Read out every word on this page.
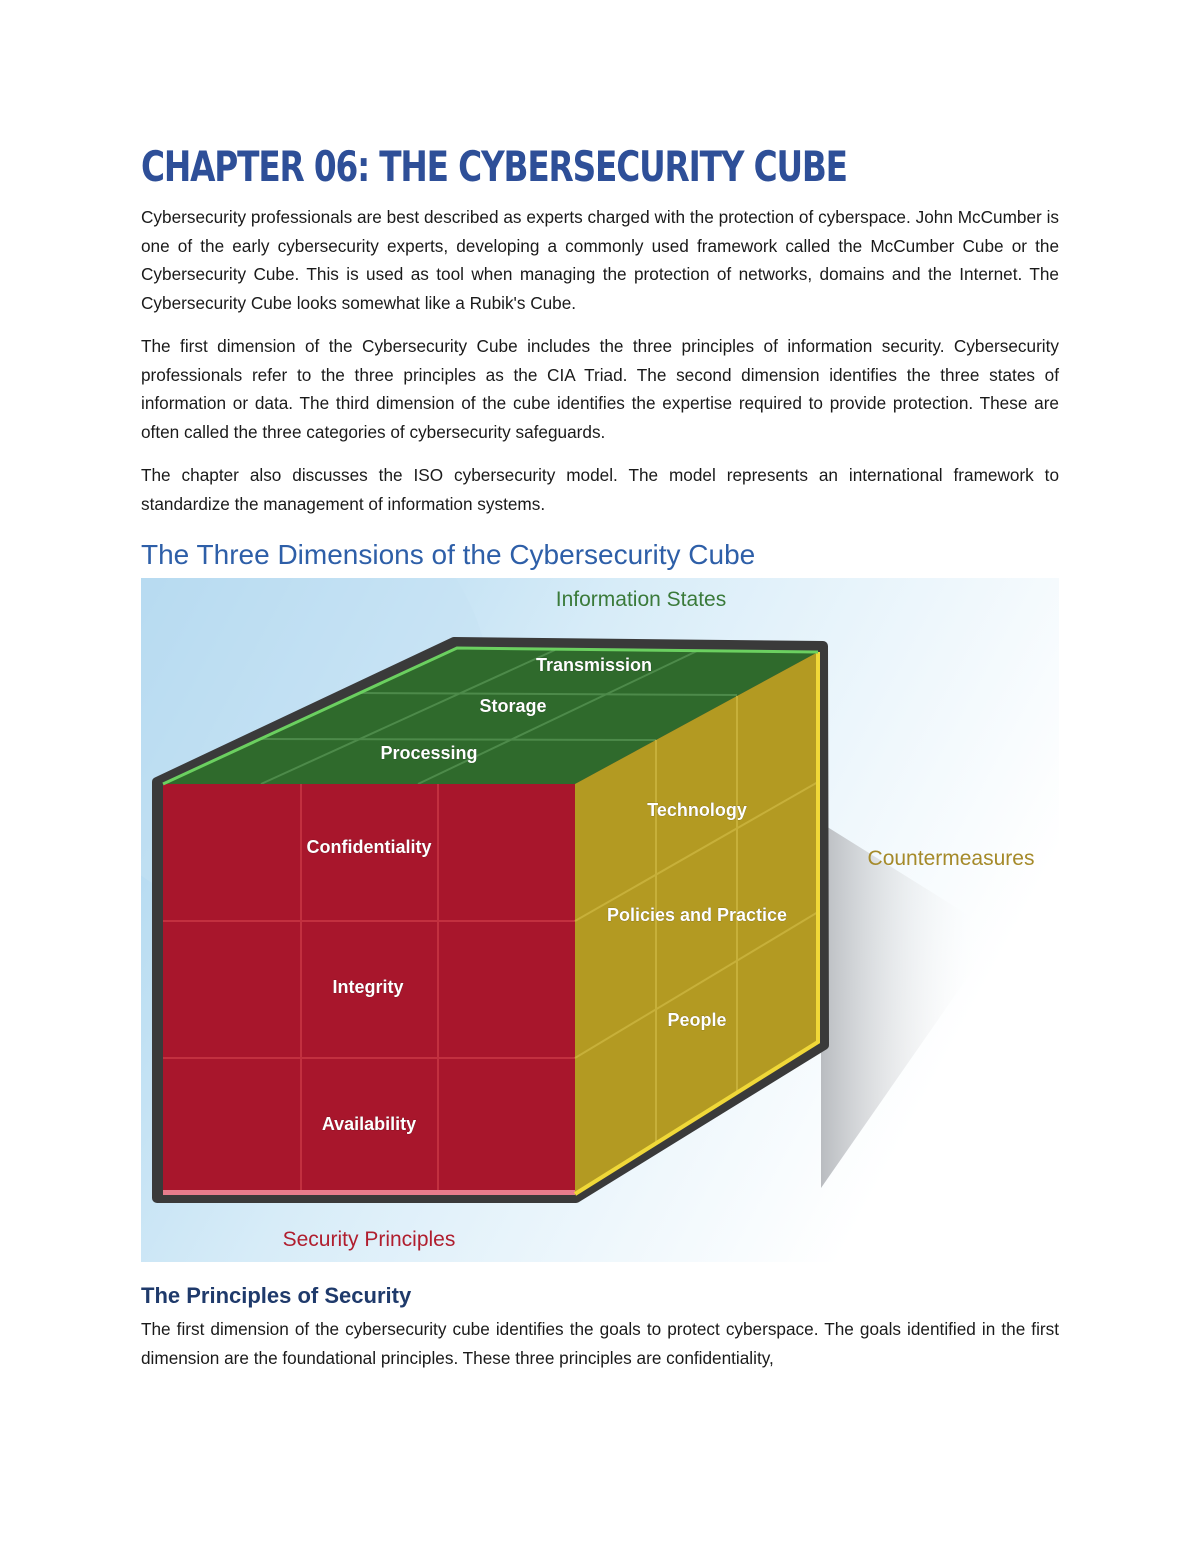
CHAPTER 06: THE CYBERSECURITY CUBE

Cybersecurity professionals are best described as experts charged with the protection of cyberspace. John McCumber is one of the early cybersecurity experts, developing a commonly used framework called the McCumber Cube or the Cybersecurity Cube. This is used as tool when managing the protection of networks, domains and the Internet. The Cybersecurity Cube looks somewhat like a Rubik's Cube.

The first dimension of the Cybersecurity Cube includes the three principles of information security. Cybersecurity professionals refer to the three principles as the CIA Triad. The second dimension identifies the three states of information or data. The third dimension of the cube identifies the expertise required to provide protection. These are often called the three categories of cybersecurity safeguards.

The chapter also discusses the ISO cybersecurity model. The model represents an international framework to standardize the management of information systems.

The Three Dimensions of the Cybersecurity Cube
Transmission
Storage
Processing
Confidentiality
Integrity
Availability
Technology
Policies and Practice
People
Information States
Countermeasures
Security Principles
The Principles of Security

The first dimension of the cybersecurity cube identifies the goals to protect cyberspace. The goals identified in the first dimension are the foundational principles. These three principles are confidentiality,
